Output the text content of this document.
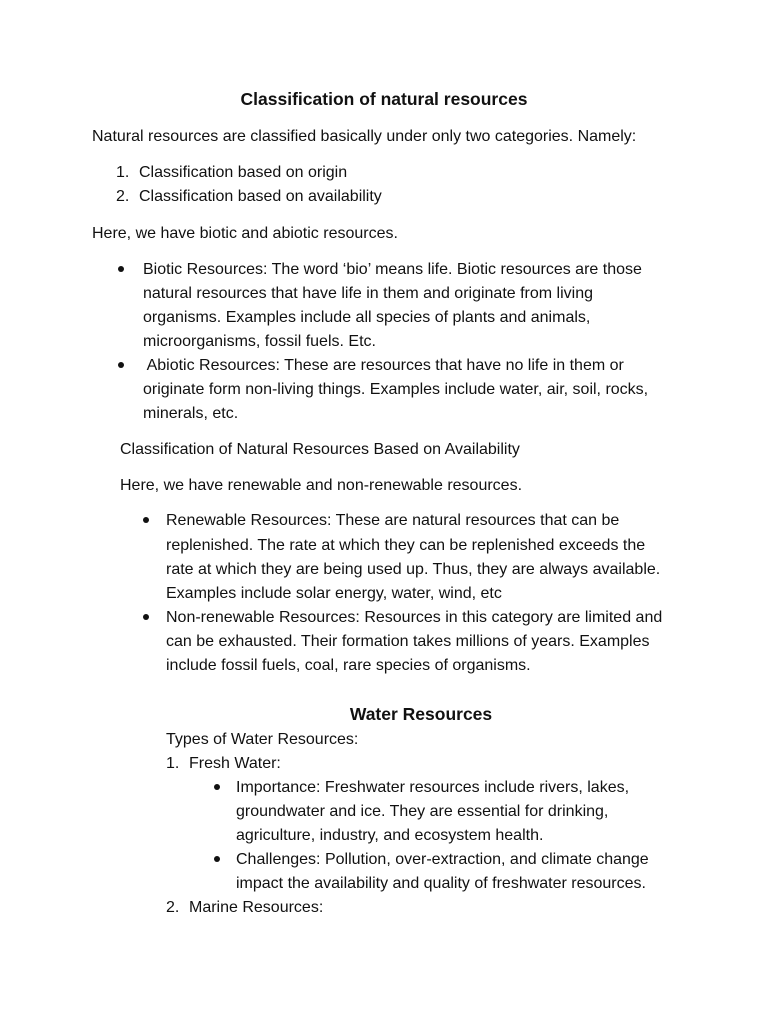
Classification of natural resources
Natural resources are classified basically under only two categories. Namely:
1. Classification based on origin
2. Classification based on availability
Here, we have biotic and abiotic resources.
Biotic Resources: The word ‘bio’ means life. Biotic resources are those
natural resources that have life in them and originate from living
organisms. Examples include all species of plants and animals,
microorganisms, fossil fuels. Etc.
Abiotic Resources: These are resources that have no life in them or
originate form non-living things. Examples include water, air, soil, rocks,
minerals, etc.
Classification of Natural Resources Based on Availability
Here, we have renewable and non-renewable resources.
Renewable Resources: These are natural resources that can be
replenished. The rate at which they can be replenished exceeds the
rate at which they are being used up. Thus, they are always available.
Examples include solar energy, water, wind, etc
Non-renewable Resources: Resources in this category are limited and
can be exhausted. Their formation takes millions of years. Examples
include fossil fuels, coal, rare species of organisms.
Water Resources
Types of Water Resources:
1. Fresh Water:
Importance: Freshwater resources include rivers, lakes,
groundwater and ice. They are essential for drinking,
agriculture, industry, and ecosystem health.
Challenges: Pollution, over-extraction, and climate change
impact the availability and quality of freshwater resources.
2. Marine Resources:
